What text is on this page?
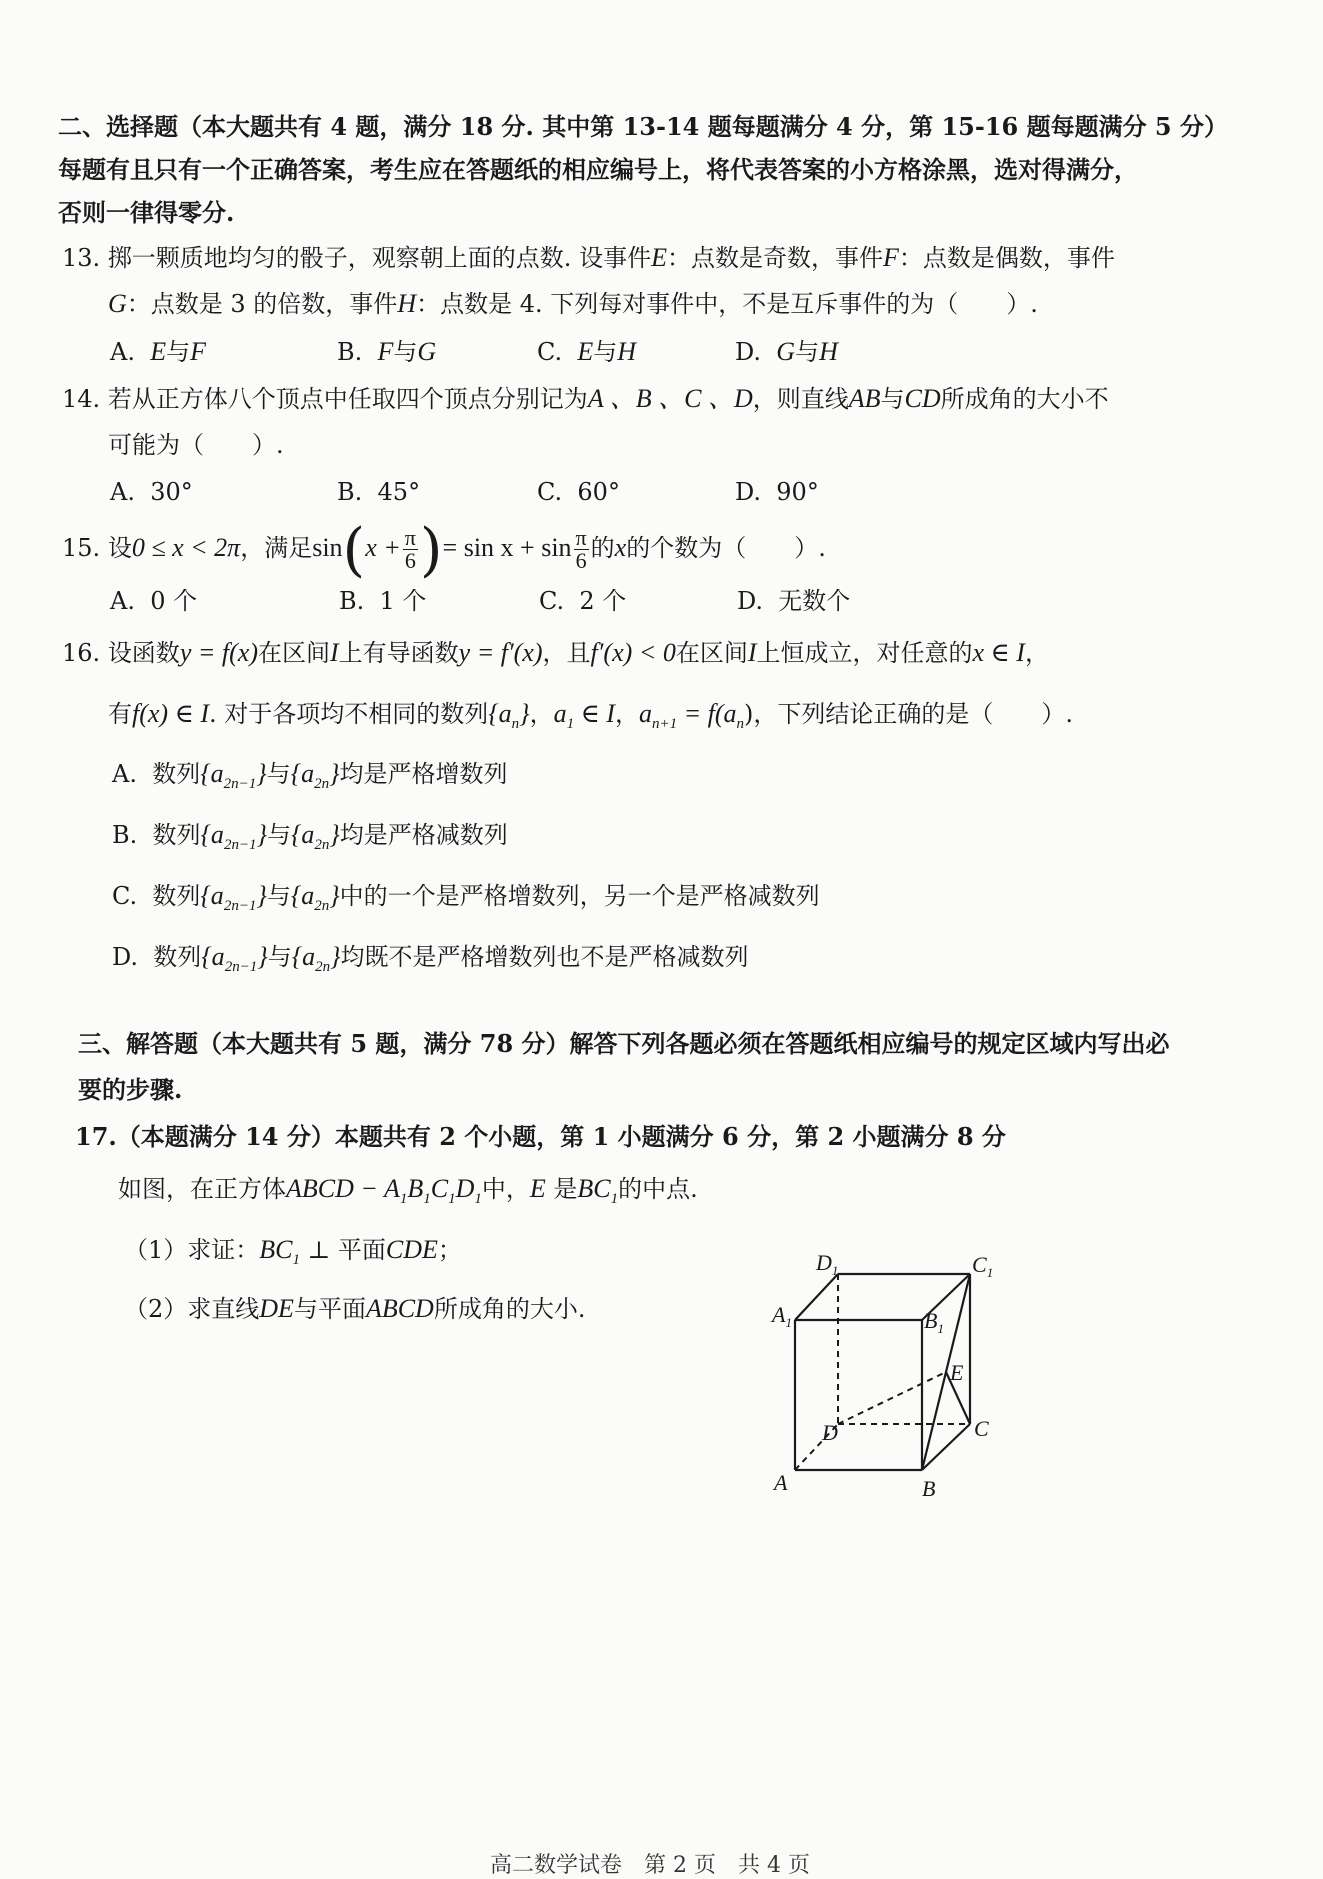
二、选择题（本大题共有 4 题，满分 18 分. 其中第 13-14 题每题满分 4 分，第 15-16 题每题满分 5 分）
每题有且只有一个正确答案，考生应在答题纸的相应编号上，将代表答案的小方格涂黑，选对得满分，
否则一律得零分.
13. 掷一颗质地均匀的骰子，观察朝上面的点数. 设事件E：点数是奇数，事件F：点数是偶数，事件
G：点数是 3 的倍数，事件H：点数是 4. 下列每对事件中，不是互斥事件的为（　　）.
A. E与F	B. F与G	C. E与H	D. G与H
14. 若从正方体八个顶点中任取四个顶点分别记为A 、B 、C 、D，则直线AB与CD所成角的大小不
可能为（　　）.
A. 30°	B. 45°	C. 60°	D. 90°
15. 设0 ≤ x < 2π，满足$\sin(x + \frac{\pi}{6}$ )= $\sin x + \sin \frac{\pi}{6}$ 的x的个数为（　　）.
A. 0 个	B. 1 个	C. 2 个	D. 无数个
16. 设函数y = f(x)在区间I上有导函数y = f′(x)，且f′(x) < 0在区间I上恒成立，对任意的x ∈ I，
有f(x) ∈ I. 对于各项均不相同的数列$\{a_n\}$，$a_1$ ∈ I，$a_{n+1} = f(a_n)$，下列结论正确的是（　　）.
A. 数列$\{a_{2n-1}\}$与$\{a_{2n}\}$均是严格增数列
B. 数列$\{a_{2n-1}\}$与$\{a_{2n}\}$均是严格减数列
C. 数列$\{a_{2n-1}\}$与$\{a_{2n}\}$中的一个是严格增数列，另一个是严格减数列
D. 数列$\{a_{2n-1}\}$与$\{a_{2n}\}$均既不是严格增数列也不是严格减数列
三、解答题（本大题共有 5 题，满分 78 分）解答下列各题必须在答题纸相应编号的规定区域内写出必
要的步骤.
17.（本题满分 14 分）本题共有 2 个小题，第 1 小题满分 6 分，第 2 小题满分 8 分
如图，在正方体ABCD − $A_1B_1C_1D_1$中，E 是$BC_1$的中点.
（1）求证：$BC_1$ ⊥ 平面CDE；
（2）求直线DE与平面ABCD所成角的大小.
A	B
C
D
$A_1$	$B_1$
$C_1$
$D_1$
E
高二数学试卷　第 2 页　共 4 页
